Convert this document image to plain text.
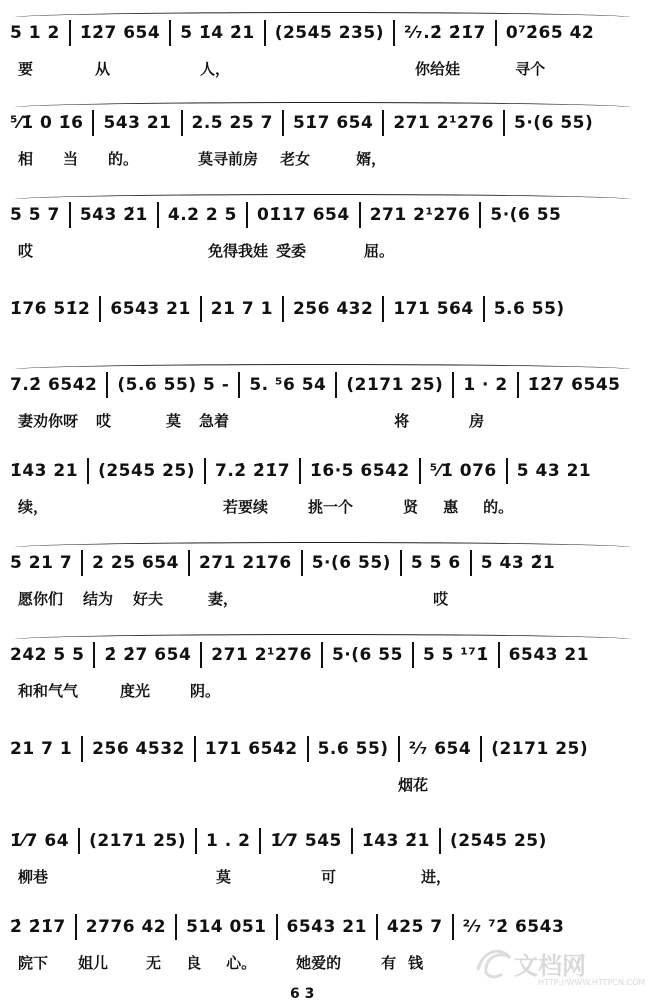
5 1 2 1̇2̇7 654 5 1̇4 2̇1 (2545 235) ²⁄₇.2̇ 2̇1̇7 0⁷2̇65 42
要	从	人，	你给娃	寻个
⁵⁄1̇ 0 1̇6 543 21 2.5 25 7 51̇7 654 271 2¹276 5·(6 55)
相 当 的。	莫寻前房 老女	婿，
5 5 7 543 2̃1 4.2 2 5 01̇17 654 271 2¹276 5·(6 55
哎	免得我娃 受委	屈。
1̇76 51̇2 6543 21 21 7 1 256 432 171 564 5.6 55)
7.2̇ 6542 (5.6 55) 5 - 5. ⁵6 54 (2171 25) 1 · 2 1̇2̇7 6545
妻劝你呀 哎	莫 急着	将	房
1̇43 21 (2545 25) 7.2̇ 2̇1̇7 1̇6·5 6542 ⁵⁄1̇ 076 5 43 21
续，	若要续	挑一个	贤 惠 的。
5 21 7 2 25 654 271 2176 5·(6 55) 5 5 6 5 43 2̃1
愿你们 结为 好夫	妻，	哎
242 5 5 2̇ 2̇7 654 271 2¹276 5·(6 55 5 5 ¹⁷1̇ 6543 21
和和气气	度光	阴。
21 7 1 256 4532 171 6542 5.6 55) ²⁄₇ 654 (2171 25)
烟花
1̇⁄7 64 (2171 25) 1 . 2 1̇⁄7 545 1̇43 2̃1 (2545 25)
柳巷	莫	可	进，
2̇ 2̇1̇7 2776 42 514 051 6543 21 425 7 ²⁄₇ ⁷2̇ 6543
院下 姐儿	无 良 心。	她爱的	有 钱	文档网
HTTP://WWW.HTTPCN.COM
6 3
